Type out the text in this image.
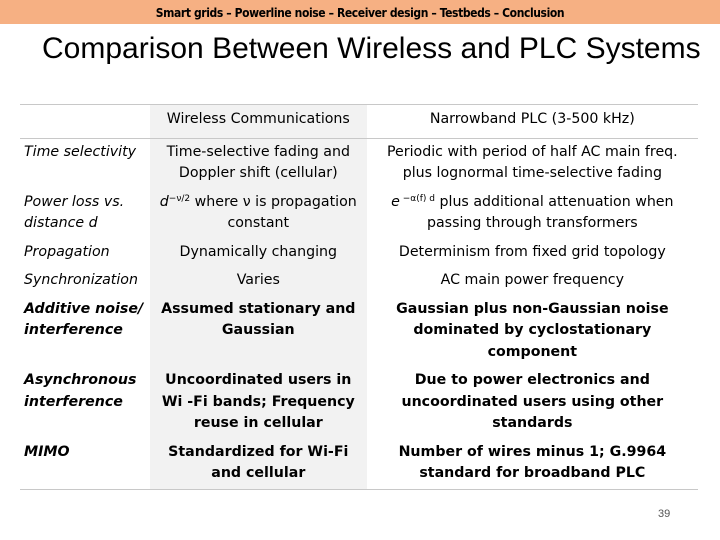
Smart grids – Powerline noise – Receiver design – Testbeds – Conclusion
Comparison Between Wireless and PLC Systems
	Wireless Communications	Narrowband PLC (3-500 kHz)
Time selectivity	Time-selective fading and Doppler shift (cellular)	Periodic with period of half AC main freq. plus lognormal time-selective fading
Power loss vs. distance d	$d^{-\nu/2}$ where ν is propagation constant	e $^{-\alpha(f) d}$ plus additional attenuation when passing through transformers
Propagation	Dynamically changing	Determinism from fixed grid topology
Synchronization	Varies	AC main power frequency
Additive noise/ interference	Assumed stationary and Gaussian	Gaussian plus non-Gaussian noise dominated by cyclostationary component
Asynchronous interference	Uncoordinated users in Wi -Fi bands; Frequency reuse in cellular	Due to power electronics and uncoordinated users using other standards
MIMO	Standardized for Wi-Fi and cellular	Number of wires minus 1; G.9964 standard for broadband PLC
39
